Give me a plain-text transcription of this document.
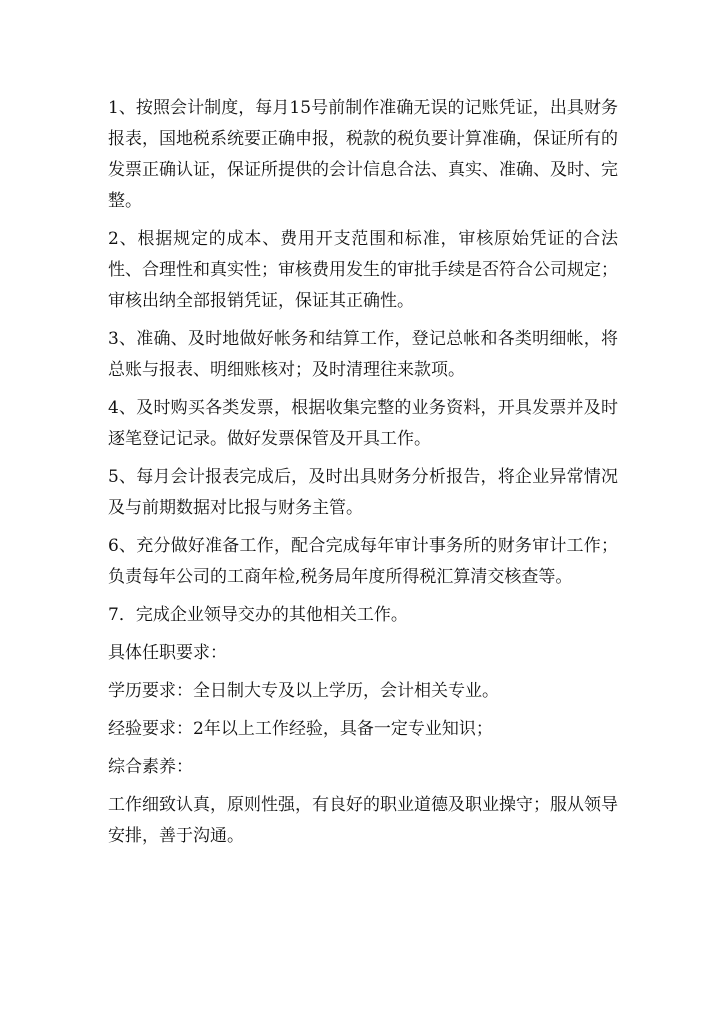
1、按照会计制度，每月15号前制作准确无误的记账凭证，出具财务报表，国地税系统要正确申报，税款的税负要计算准确，保证所有的发票正确认证，保证所提供的会计信息合法、真实、准确、及时、完整。

2、根据规定的成本、费用开支范围和标准，审核原始凭证的合法性、合理性和真实性；审核费用发生的审批手续是否符合公司规定；审核出纳全部报销凭证，保证其正确性。

3、准确、及时地做好帐务和结算工作，登记总帐和各类明细帐，将总账与报表、明细账核对；及时清理往来款项。

4、及时购买各类发票，根据收集完整的业务资料，开具发票并及时逐笔登记记录。做好发票保管及开具工作。

5、每月会计报表完成后，及时出具财务分析报告，将企业异常情况及与前期数据对比报与财务主管。

6、充分做好准备工作，配合完成每年审计事务所的财务审计工作；负责每年公司的工商年检,税务局年度所得税汇算清交核查等。

7．完成企业领导交办的其他相关工作。

具体任职要求：

学历要求：全日制大专及以上学历，会计相关专业。

经验要求：2年以上工作经验，具备一定专业知识；

综合素养：

工作细致认真，原则性强，有良好的职业道德及职业操守；服从领导安排，善于沟通。
